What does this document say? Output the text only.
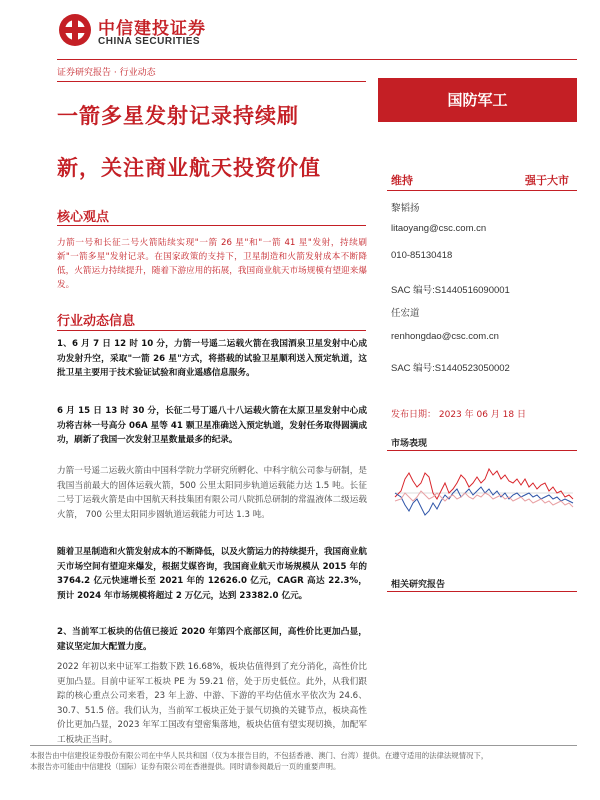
中信建投证券
CHINA SECURITIES
证券研究报告 · 行业动态
一箭多星发射记录持续刷
新，关注商业航天投资价值
国防军工
维持	强于大市
黎韬扬
litaoyang@csc.com.cn
010-85130418
SAC 编号:S1440516090001
任宏道
renhongdao@csc.com.cn
SAC 编号:S1440523050002
发布日期： 2023 年 06 月 18 日
市场表现
相关研究报告
核心观点
力箭一号和长征二号火箭陆续实现"一箭 26 星"和"一箭 41 星"发射，持续刷新"一箭多星"发射记录。在国家政策的支持下，卫星制造和火箭发射成本不断降低，火箭运力持续提升，随着下游应用的拓展，我国商业航天市场规模有望迎来爆发。
行业动态信息
1、6 月 7 日 12 时 10 分，力箭一号遥二运载火箭在我国酒泉卫星发射中心成功发射升空，采取"一箭 26 星"方式，将搭载的试验卫星顺利送入预定轨道，这批卫星主要用于技术验证试验和商业遥感信息服务。
6 月 15 日 13 时 30 分，长征二号丁遥八十八运载火箭在太原卫星发射中心成功将吉林一号高分 06A 星等 41 颗卫星准确送入预定轨道，发射任务取得圆满成功，刷新了我国一次发射卫星数量最多的纪录。
力箭一号遥二运载火箭由中国科学院力学研究所孵化、中科宇航公司参与研制，是我国当前最大的固体运载火箭，500 公里太阳同步轨道运载能力达 1.5 吨。长征二号丁运载火箭是由中国航天科技集团有限公司八院抓总研制的常温液体二级运载火箭， 700 公里太阳同步圆轨道运载能力可达 1.3 吨。
随着卫星制造和火箭发射成本的不断降低，以及火箭运力的持续提升，我国商业航天市场空间有望迎来爆发，根据艾媒咨询，我国商业航天市场规模从 2015 年的 3764.2 亿元快速增长至 2021 年的 12626.0 亿元，CAGR 高达 22.3%，预计 2024 年市场规模将超过 2 万亿元，达到 23382.0 亿元。
2、当前军工板块的估值已接近 2020 年第四个底部区间，高性价比更加凸显，建议坚定加大配置力度。
2022 年初以来中证军工指数下跌 16.68%，板块估值得到了充分消化，高性价比更加凸显。目前中证军工板块 PE 为 59.21 倍，处于历史低位。此外，从我们跟踪的核心重点公司来看，23 年上游、中游、下游的平均估值水平依次为 24.6、30.7、51.5 倍。我们认为，当前军工板块正处于景气切换的关键节点，板块高性价比更加凸显，2023 年军工国改有望密集落地，板块估值有望实现切换，加配军工板块正当时。
本报告由中信建投证券股份有限公司在中华人民共和国（仅为本报告目的，不包括香港、澳门、台湾）提供。在遵守适用的法律法规情况下，
本报告亦可能由中信建投（国际）证券有限公司在香港提供。同时请参阅最后一页的重要声明。
